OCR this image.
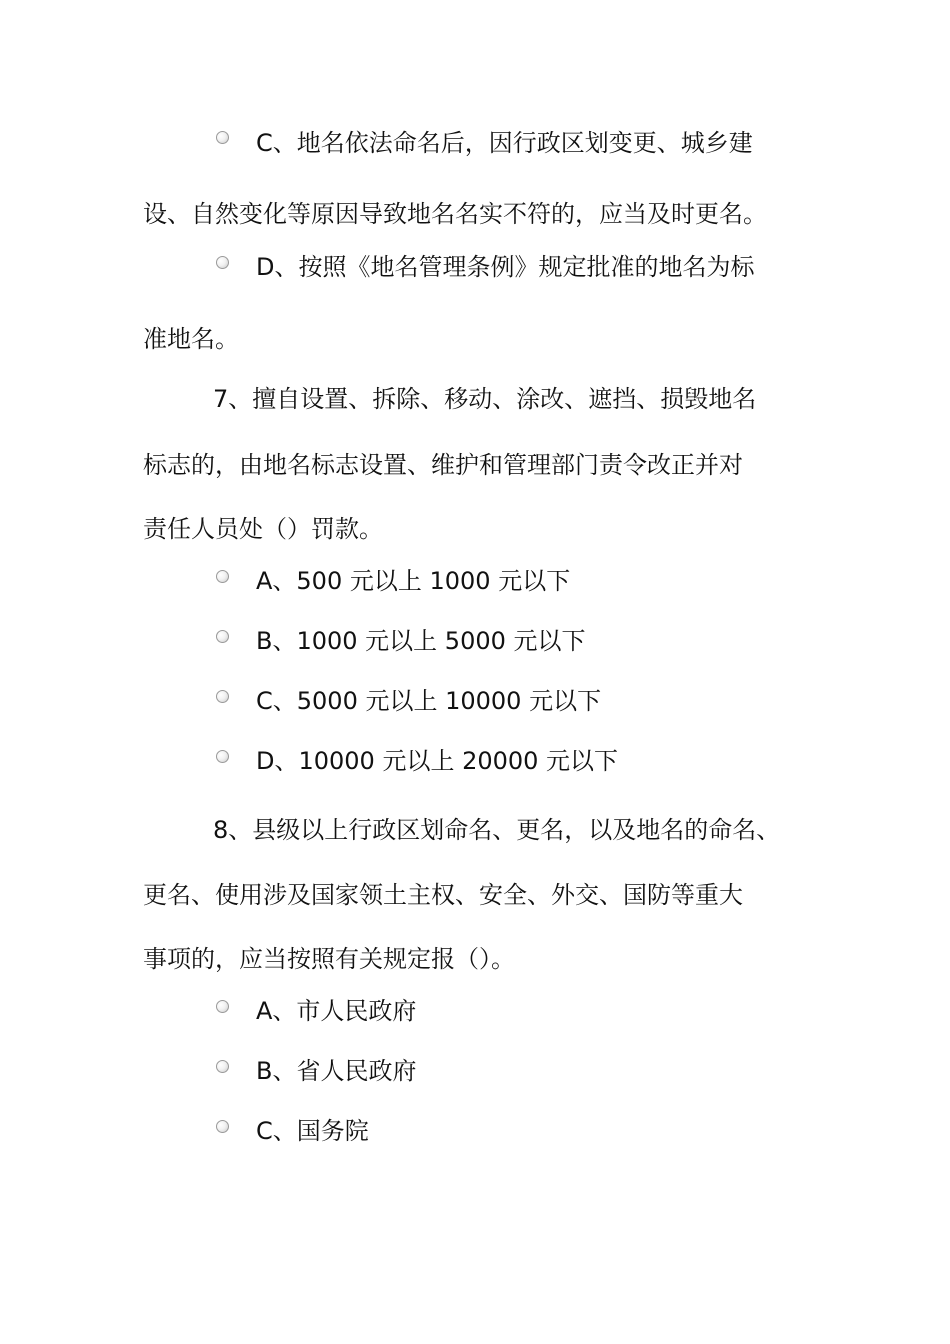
C、地名依法命名后，因行政区划变更、城乡建
设、自然变化等原因导致地名名实不符的，应当及时更名。
D、按照《地名管理条例》规定批准的地名为标
准地名。
7、擅自设置、拆除、移动、涂改、遮挡、损毁地名
标志的，由地名标志设置、维护和管理部门责令改正并对
责任人员处（）罚款。
A、500 元以上 1000 元以下
B、1000 元以上 5000 元以下
C、5000 元以上 10000 元以下
D、10000 元以上 20000 元以下
8、县级以上行政区划命名、更名，以及地名的命名、
更名、使用涉及国家领土主权、安全、外交、国防等重大
事项的，应当按照有关规定报（）。
A、市人民政府
B、省人民政府
C、国务院
